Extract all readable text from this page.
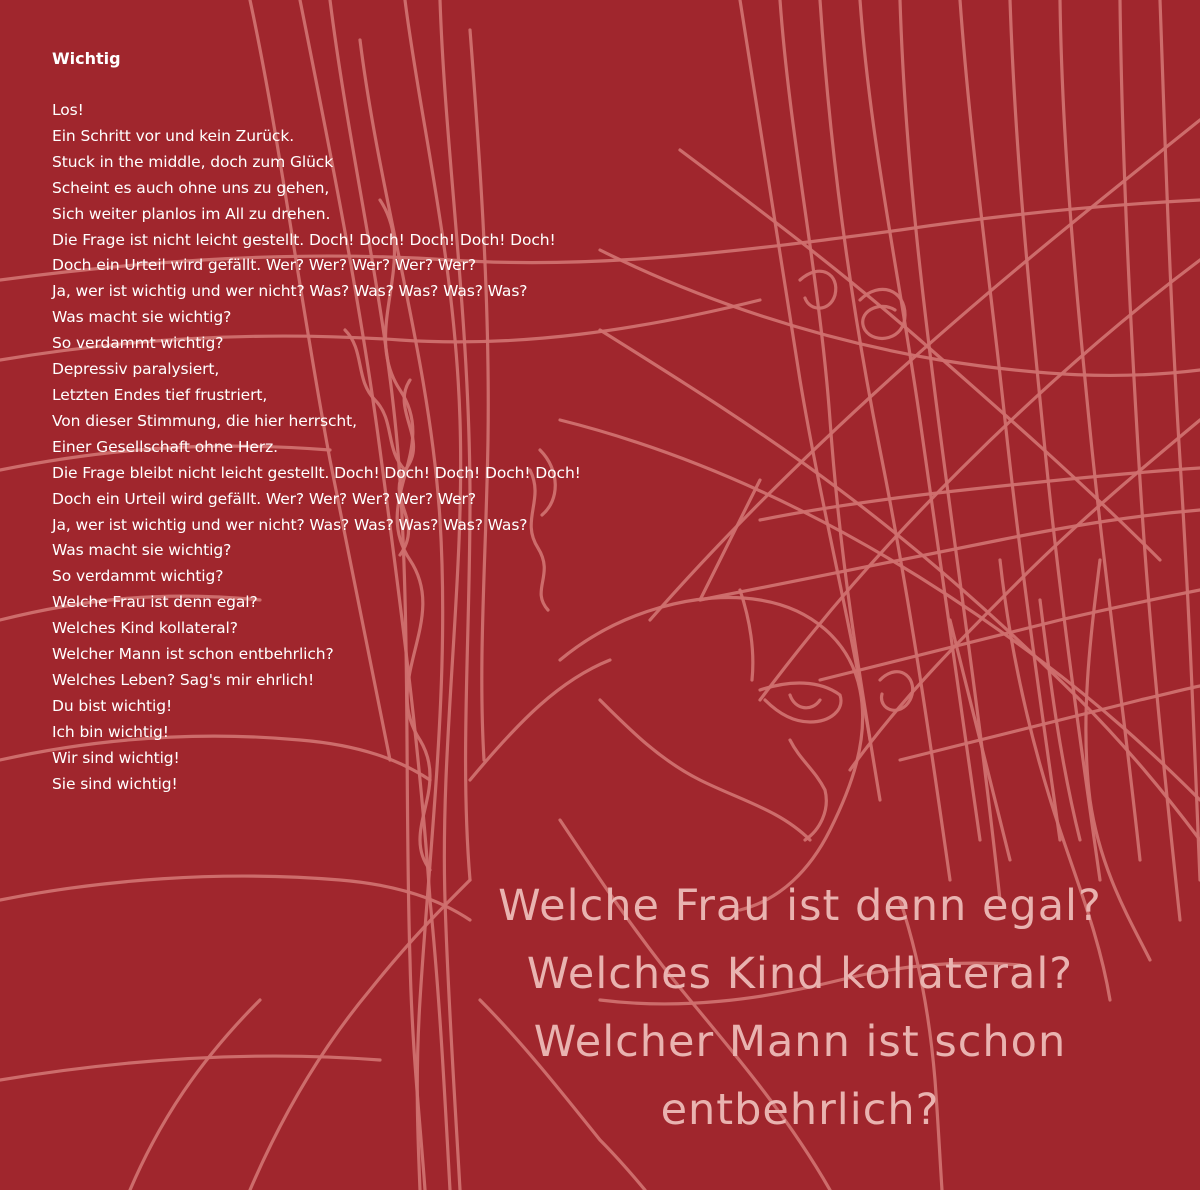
Wichtig
Los!
Ein Schritt vor und kein Zurück.
Stuck in the middle, doch zum Glück
Scheint es auch ohne uns zu gehen,
Sich weiter planlos im All zu drehen.
Die Frage ist nicht leicht gestellt. Doch! Doch! Doch! Doch! Doch!
Doch ein Urteil wird gefällt. Wer? Wer? Wer? Wer? Wer?
Ja, wer ist wichtig und wer nicht? Was? Was? Was? Was? Was?
Was macht sie wichtig?
So verdammt wichtig?
Depressiv paralysiert,
Letzten Endes tief frustriert,
Von dieser Stimmung, die hier herrscht,
Einer Gesellschaft ohne Herz.
Die Frage bleibt nicht leicht gestellt. Doch! Doch! Doch! Doch! Doch!
Doch ein Urteil wird gefällt. Wer? Wer? Wer? Wer? Wer?
Ja, wer ist wichtig und wer nicht? Was? Was? Was? Was? Was?
Was macht sie wichtig?
So verdammt wichtig?
Welche Frau ist denn egal?
Welches Kind kollateral?
Welcher Mann ist schon entbehrlich?
Welches Leben? Sag's mir ehrlich!
Du bist wichtig!
Ich bin wichtig!
Wir sind wichtig!
Sie sind wichtig!
Welche Frau ist denn egal?
Welches Kind kollateral?
Welcher Mann ist schon
entbehrlich?
